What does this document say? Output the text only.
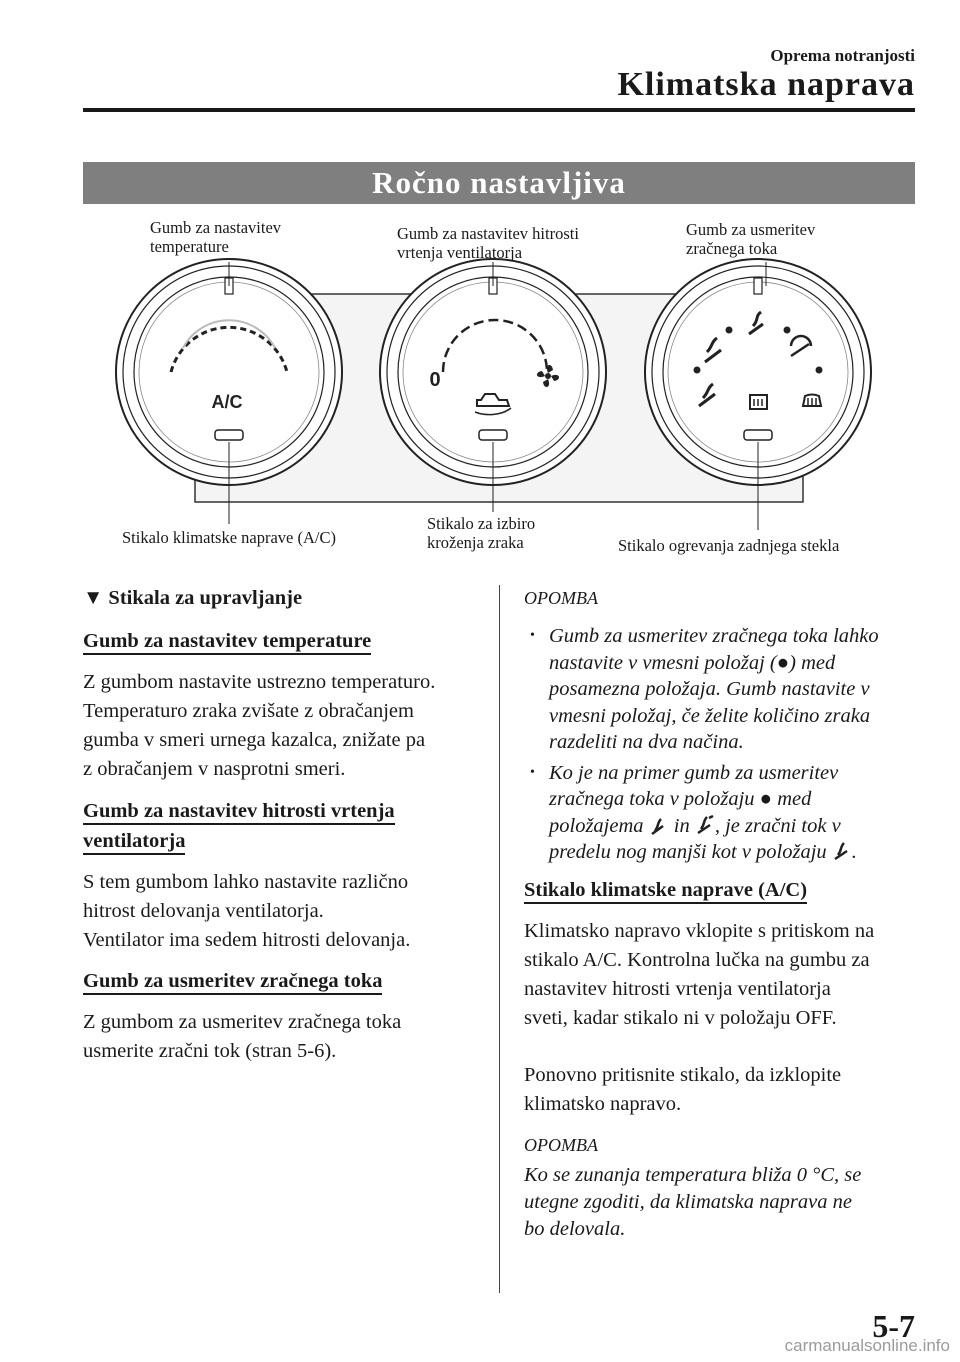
Oprema notranjosti
Klimatska naprava
Ročno nastavljiva
A/C
0
Gumb za nastavitev
temperature
Gumb za nastavitev hitrosti
vrtenja ventilatorja
Gumb za usmeritev
zračnega toka
Stikalo klimatske naprave (A/C)
Stikalo za izbiro
kroženja zraka	Stikalo ogrevanja zadnjega stekla

▼ Stikala za upravljanje

Gumb za nastavitev temperature

Z gumbom nastavite ustrezno temperaturo.
Temperaturo zraka zvišate z obračanjem
gumba v smeri urnega kazalca, znižate pa
z obračanjem v nasprotni smeri.

Gumb za nastavitev hitrosti vrtenja
ventilatorja

S tem gumbom lahko nastavite različno
hitrost delovanja ventilatorja.
Ventilator ima sedem hitrosti delovanja.

Gumb za usmeritev zračnega toka

Z gumbom za usmeritev zračnega toka
usmerite zračni tok (stran 5-6).

OPOMBA

• Gumb za usmeritev zračnega toka lahko
nastavite v vmesni položaj (●) med
posamezna položaja. Gumb nastavite v
vmesni položaj, če želite količino zraka
razdeliti na dva načina.

• Ko je na primer gumb za usmeritev
zračnega toka v položaju ● med
položajema in , je zračni tok v
predelu nog manjši kot v položaju .

Stikalo klimatske naprave (A/C)

Klimatsko napravo vklopite s pritiskom na
stikalo A/C. Kontrolna lučka na gumbu za
nastavitev hitrosti vrtenja ventilatorja
sveti, kadar stikalo ni v položaju OFF.

Ponovno pritisnite stikalo, da izklopite
klimatsko napravo.

OPOMBA

Ko se zunanja temperatura bliža 0 °C, se
utegne zgoditi, da klimatska naprava ne
bo delovala.

5-7
carmanualsonline.info
